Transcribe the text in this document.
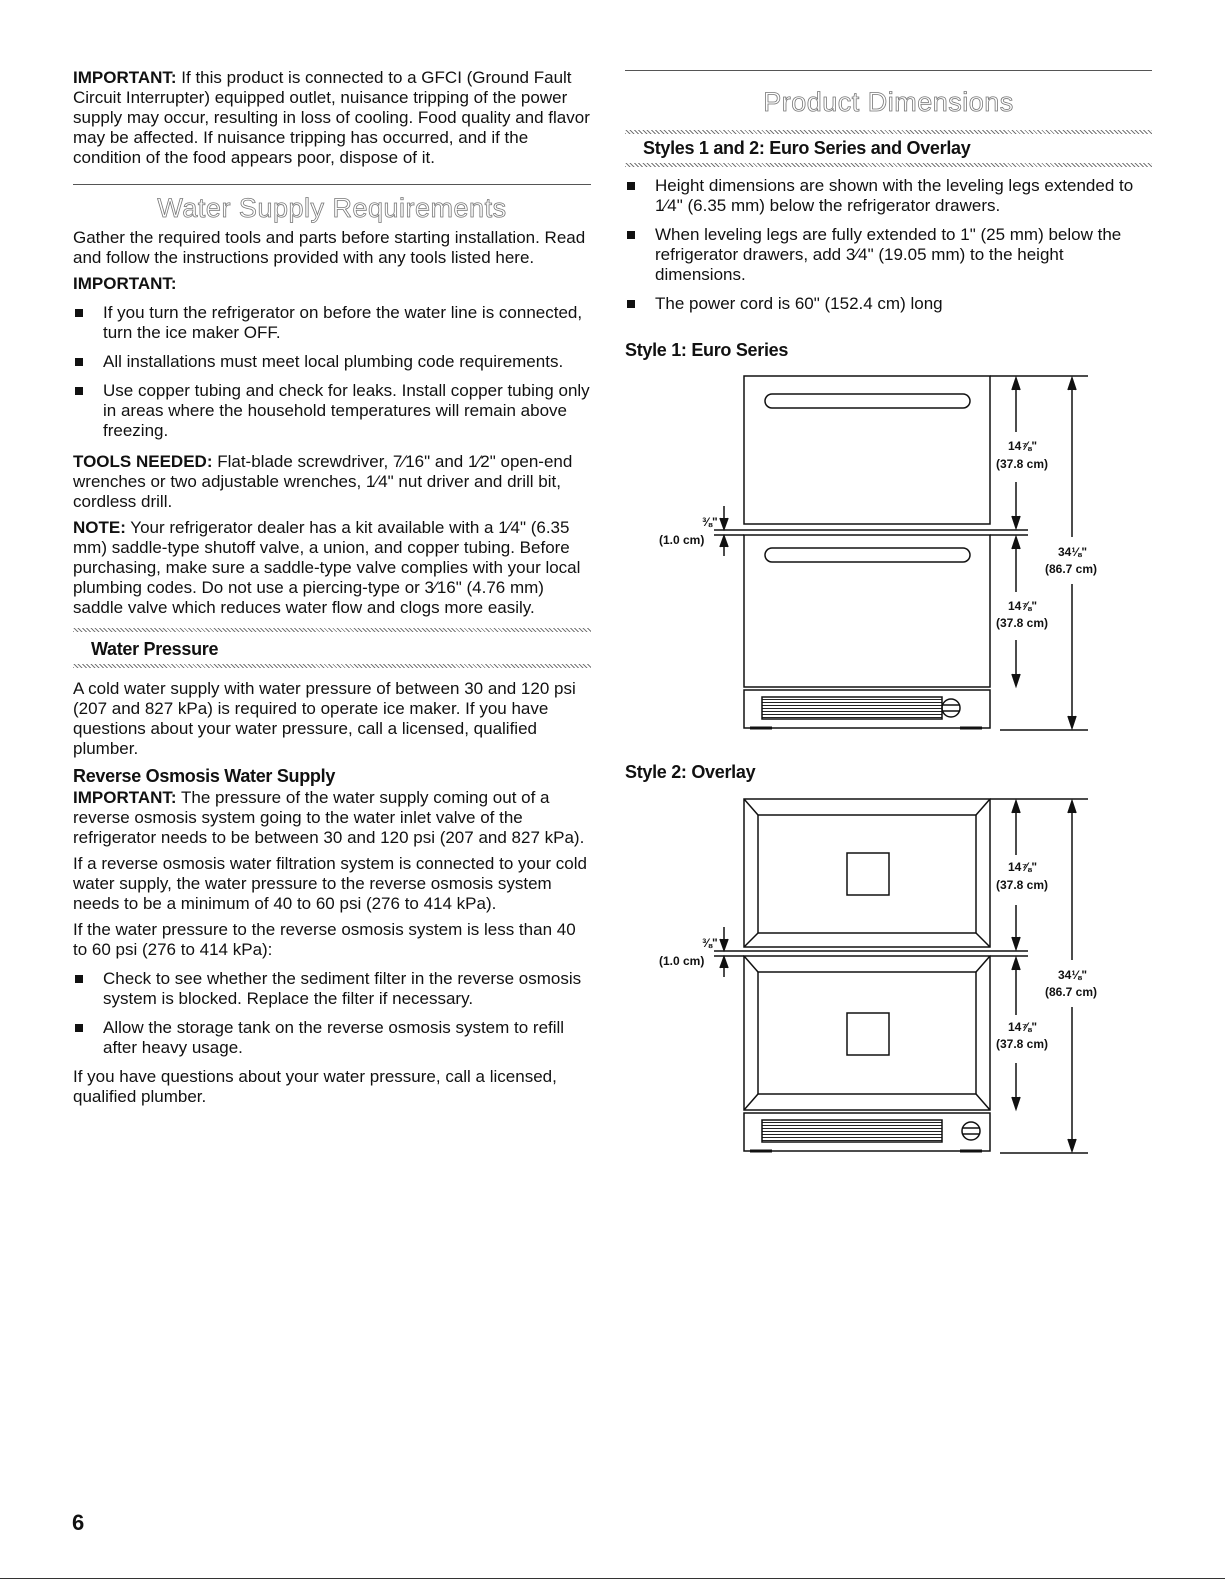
IMPORTANT: If this product is connected to a GFCI (Ground Fault Circuit Interrupter) equipped outlet, nuisance tripping of the power supply may occur, resulting in loss of cooling. Food quality and flavor may be affected. If nuisance tripping has occurred, and if the condition of the food appears poor, dispose of it.

Water Supply Requirements

Gather the required tools and parts before starting installation. Read and follow the instructions provided with any tools listed here.

IMPORTANT:

If you turn the refrigerator on before the water line is connected, turn the ice maker OFF.
All installations must meet local plumbing code requirements.
Use copper tubing and check for leaks. Install copper tubing only in areas where the household temperatures will remain above freezing.

TOOLS NEEDED: Flat-blade screwdriver, 7⁄16" and 1⁄2" open-end wrenches or two adjustable wrenches, 1⁄4" nut driver and drill bit, cordless drill.

NOTE: Your refrigerator dealer has a kit available with a 1⁄4" (6.35 mm) saddle-type shutoff valve, a union, and copper tubing. Before purchasing, make sure a saddle-type valve complies with your local plumbing codes. Do not use a piercing-type or 3⁄16" (4.76 mm) saddle valve which reduces water flow and clogs more easily.

Water Pressure

A cold water supply with water pressure of between 30 and 120 psi (207 and 827 kPa) is required to operate ice maker. If you have questions about your water pressure, call a licensed, qualified plumber.

Reverse Osmosis Water Supply

IMPORTANT: The pressure of the water supply coming out of a reverse osmosis system going to the water inlet valve of the refrigerator needs to be between 30 and 120 psi (207 and 827 kPa).

If a reverse osmosis water filtration system is connected to your cold water supply, the water pressure to the reverse osmosis system needs to be a minimum of 40 to 60 psi (276 to 414 kPa).

If the water pressure to the reverse osmosis system is less than 40 to 60 psi (276 to 414 kPa):

Check to see whether the sediment filter in the reverse osmosis system is blocked. Replace the filter if necessary.
Allow the storage tank on the reverse osmosis system to refill after heavy usage.

If you have questions about your water pressure, call a licensed, qualified plumber.

Product Dimensions
Styles 1 and 2: Euro Series and Overlay
Height dimensions are shown with the leveling legs extended to 1⁄4" (6.35 mm) below the refrigerator drawers.
When leveling legs are fully extended to 1" (25 mm) below the refrigerator drawers, add 3⁄4" (19.05 mm) to the height dimensions.
The power cord is 60" (152.4 cm) long
Style 1: Euro Series
Style 2: Overlay
14⅞"
(37.8 cm)
14⅞"
(37.8 cm)
34⅛"
(86.7 cm)
⅜"
(1.0 cm)
14⅞"
(37.8 cm)
14⅞"
(37.8 cm)
34⅛"
(86.7 cm)
⅜"
(1.0 cm)
6
